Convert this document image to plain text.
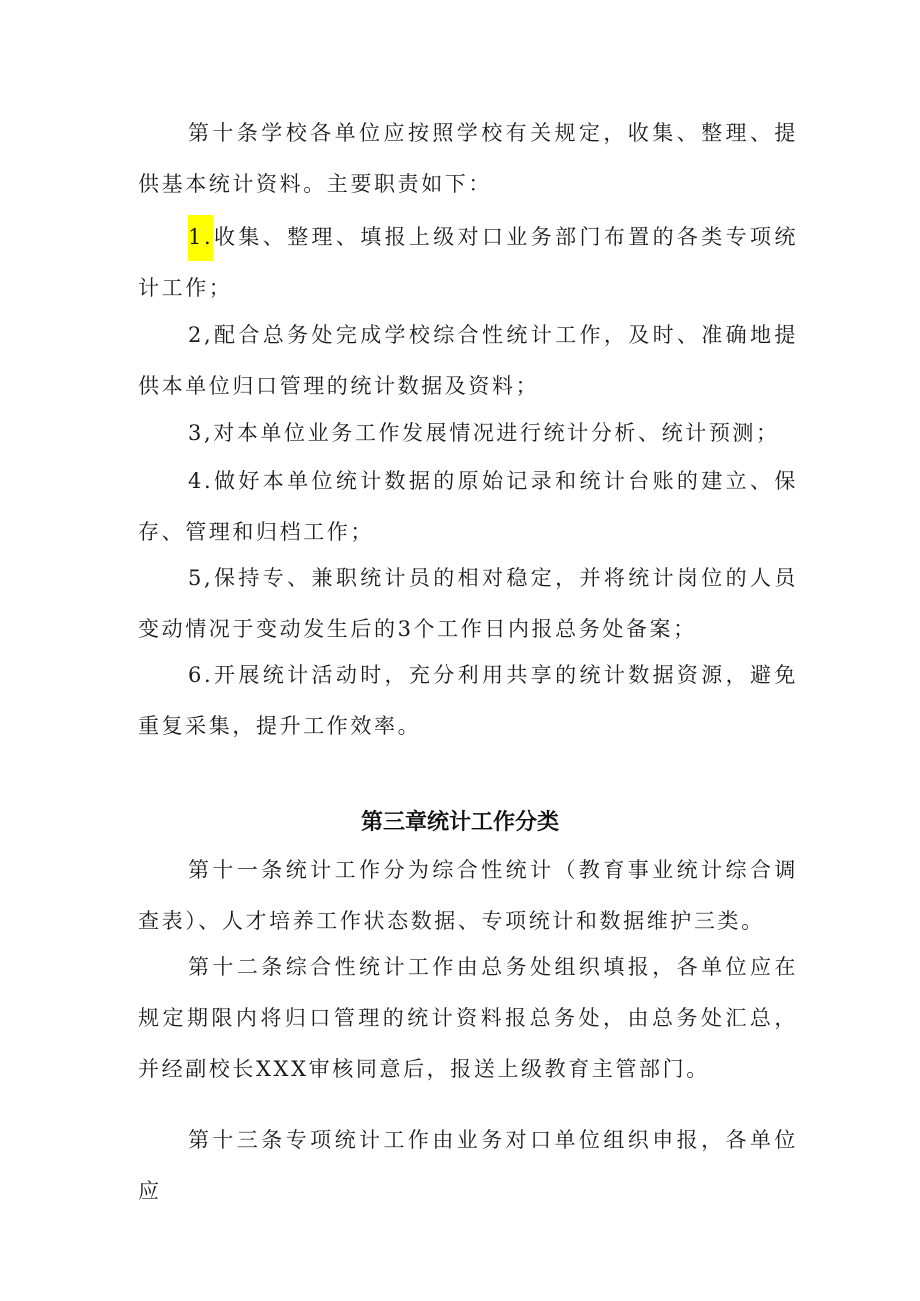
第十条学校各单位应按照学校有关规定，收集、整理、提供基本统计资料。主要职责如下：

1.收集、整理、填报上级对口业务部门布置的各类专项统计工作；

2,配合总务处完成学校综合性统计工作，及时、准确地提供本单位归口管理的统计数据及资料；

3,对本单位业务工作发展情况进行统计分析、统计预测；

4.做好本单位统计数据的原始记录和统计台账的建立、保存、管理和归档工作；

5,保持专、兼职统计员的相对稳定，并将统计岗位的人员变动情况于变动发生后的3个工作日内报总务处备案；

6.开展统计活动时，充分利用共享的统计数据资源，避免重复采集，提升工作效率。

第三章统计工作分类

第十一条统计工作分为综合性统计（教育事业统计综合调查表）、人才培养工作状态数据、专项统计和数据维护三类。

第十二条综合性统计工作由总务处组织填报，各单位应在规定期限内将归口管理的统计资料报总务处，由总务处汇总，并经副校长XXX审核同意后，报送上级教育主管部门。

第十三条专项统计工作由业务对口单位组织申报，各单位应
